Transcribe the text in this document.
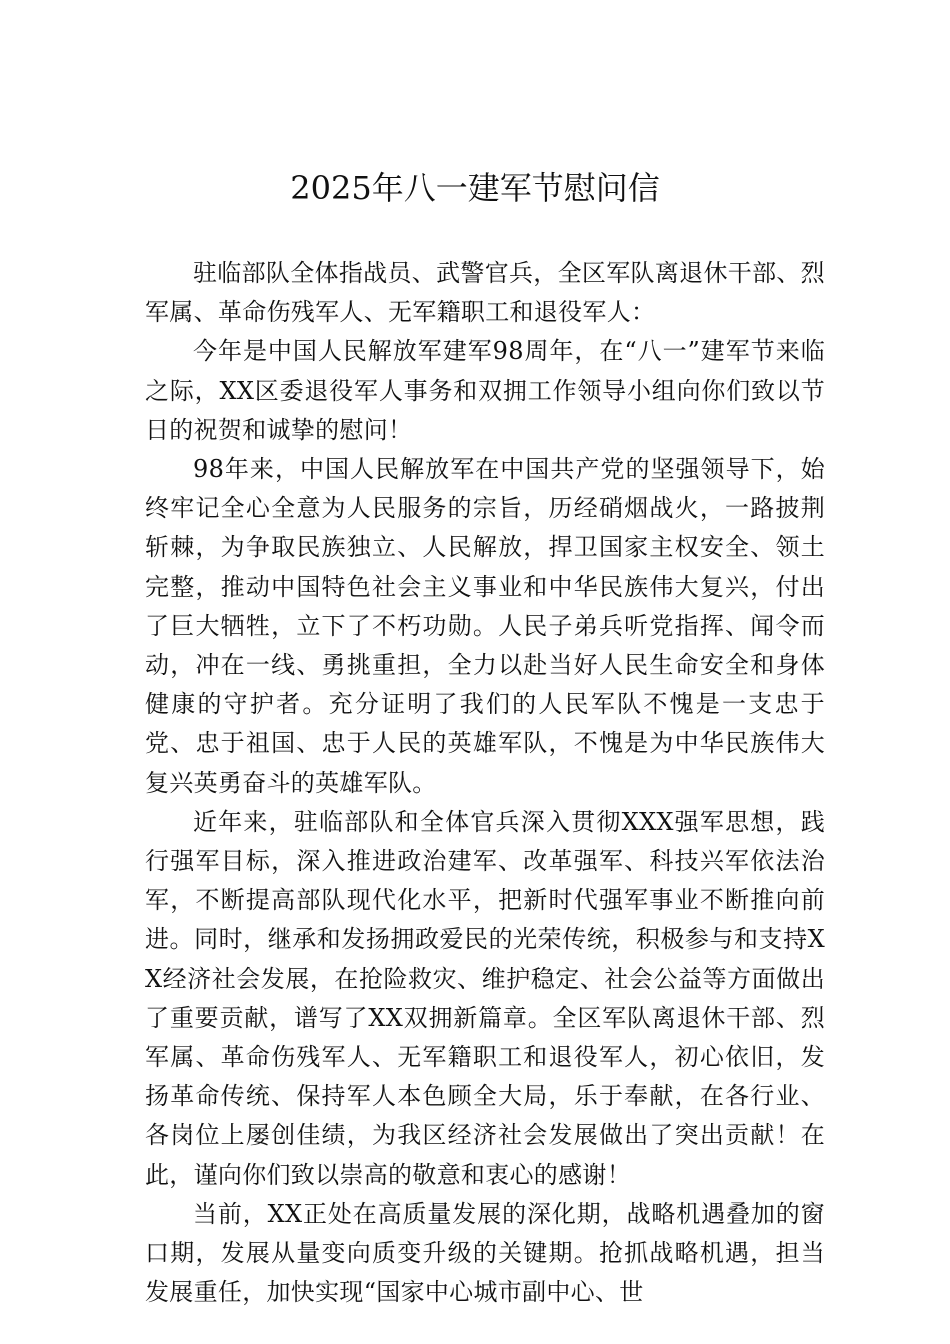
2025年八一建军节慰问信

驻临部队全体指战员、武警官兵，全区军队离退休干部、烈军属、革命伤残军人、无军籍职工和退役军人：

今年是中国人民解放军建军98周年，在“八一”建军节来临之际，XX区委退役军人事务和双拥工作领导小组向你们致以节日的祝贺和诚挚的慰问！

98年来，中国人民解放军在中国共产党的坚强领导下，始终牢记全心全意为人民服务的宗旨，历经硝烟战火，一路披荆斩棘，为争取民族独立、人民解放，捍卫国家主权安全、领土完整，推动中国特色社会主义事业和中华民族伟大复兴，付出了巨大牺牲，立下了不朽功勋。人民子弟兵听党指挥、闻令而动，冲在一线、勇挑重担，全力以赴当好人民生命安全和身体健康的守护者。充分证明了我们的人民军队不愧是一支忠于党、忠于祖国、忠于人民的英雄军队，不愧是为中华民族伟大复兴英勇奋斗的英雄军队。

近年来，驻临部队和全体官兵深入贯彻XXX强军思想，践行强军目标，深入推进政治建军、改革强军、科技兴军依法治军，不断提高部队现代化水平，把新时代强军事业不断推向前进。同时，继承和发扬拥政爱民的光荣传统，积极参与和支持XX经济社会发展，在抢险救灾、维护稳定、社会公益等方面做出了重要贡献，谱写了XX双拥新篇章。全区军队离退休干部、烈军属、革命伤残军人、无军籍职工和退役军人，初心依旧，发扬革命传统、保持军人本色顾全大局，乐于奉献，在各行业、各岗位上屡创佳绩，为我区经济社会发展做出了突出贡献！在此，谨向你们致以崇高的敬意和衷心的感谢！

当前，XX正处在高质量发展的深化期，战略机遇叠加的窗口期，发展从量变向质变升级的关键期。抢抓战略机遇，担当发展重任，加快实现“国家中心城市副中心、世
